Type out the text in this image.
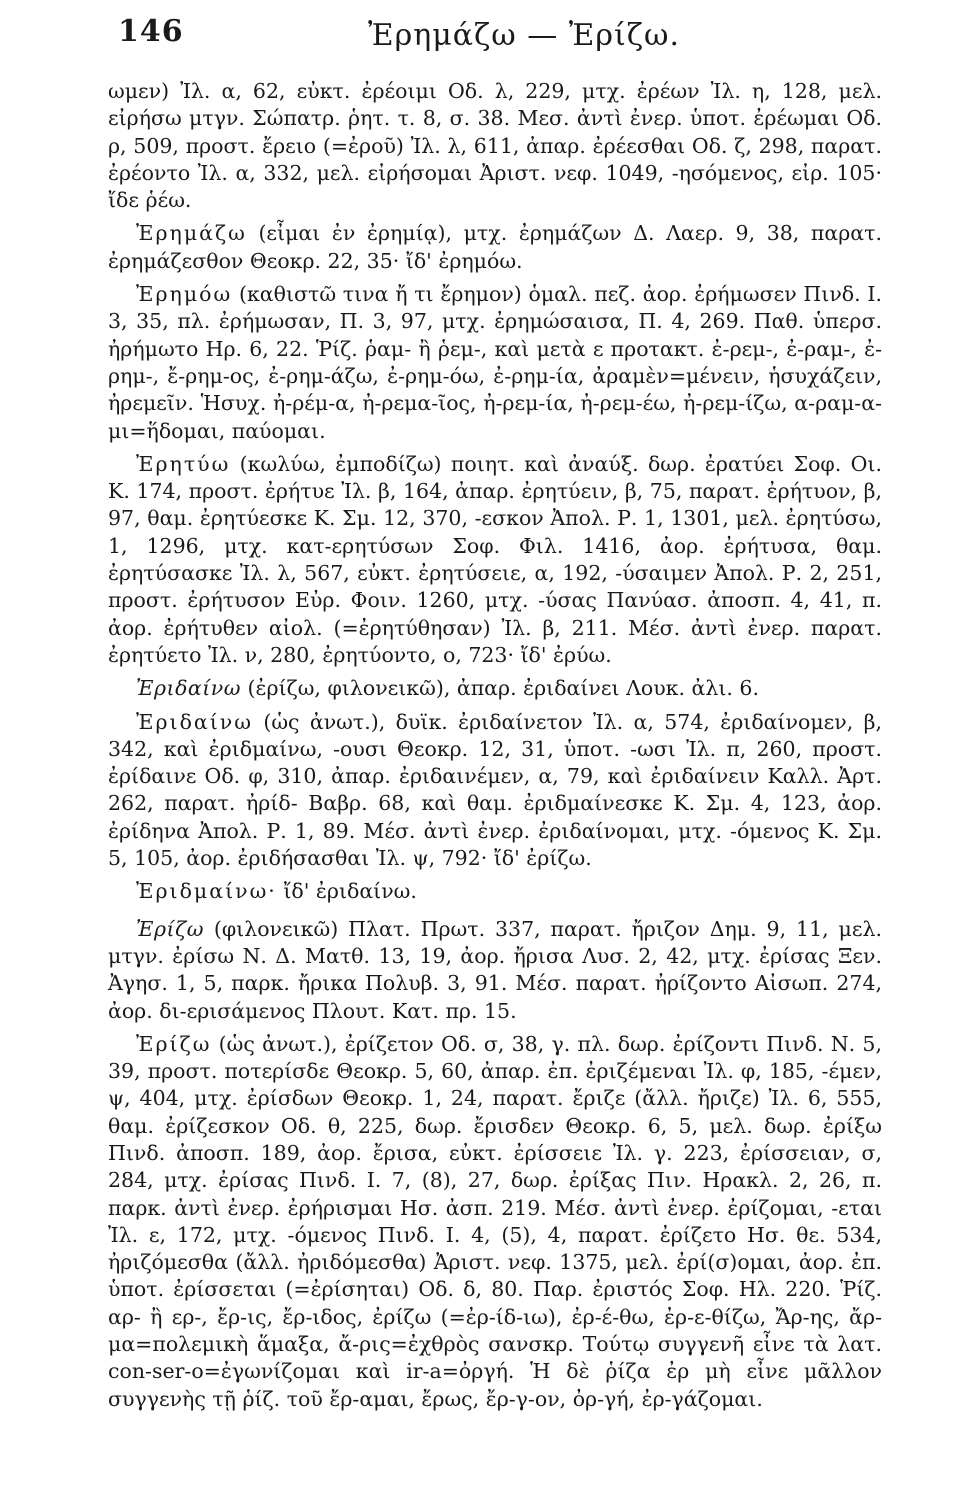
146	Ἐρημάζω — Ἐρίζω.

ωμεν) Ἰλ. α, 62, εὐκτ. ἐρέοιμι Οδ. λ, 229, μτχ. ἐρέων Ἰλ. η, 128, μελ. εἰρήσω μτγν. Σώπατρ. ῥητ. τ. 8, σ. 38. Μεσ. ἀντὶ ἐνερ. ὑποτ. ἐρέωμαι Οδ. ρ, 509, προστ. ἔρειο (=ἐροῦ) Ἰλ. λ, 611, ἀπαρ. ἐρέεσθαι Οδ. ζ, 298, παρατ. ἐρέοντο Ἰλ. α, 332, μελ. εἰρήσομαι Ἀριστ. νεφ. 1049, -ησόμενος, εἰρ. 105· ἴδε ῥέω.

Ἐρημάζω (εἶμαι ἐν ἐρημίᾳ), μτχ. ἐρημάζων Δ. Λαερ. 9, 38, παρατ. ἐρημάζεσθον Θεοκρ. 22, 35· ἴδ' ἐρημόω.

Ἐρημόω (καθιστῶ τινα ἤ τι ἔρημον) ὁμαλ. πεζ. ἀορ. ἐρήμωσεν Πινδ. Ι. 3, 35, πλ. ἐρήμωσαν, Π. 3, 97, μτχ. ἐρημώσαισα, Π. 4, 269. Παθ. ὑπερσ. ἠρήμωτο Ηρ. 6, 22. Ῥίζ. ῥαμ- ἢ ῥεμ-, καὶ μετὰ ε προτακτ. ἐ-ρεμ-, ἐ-ραμ-, ἐ-ρημ-, ἔ-ρημ-ος, ἐ-ρημ-άζω, ἐ-ρημ-όω, ἐ-ρημ-ία, ἀραμὲν=μένειν, ἡσυχάζειν, ἠρεμεῖν. Ἡσυχ. ἠ-ρέμ-α, ἠ-ρεμα-ῖος, ἠ-ρεμ-ία, ἠ-ρεμ-έω, ἠ-ρεμ-ίζω, α-ραμ-α-μι=ἥδομαι, παύομαι.

Ἐρητύω (κωλύω, ἐμποδίζω) ποιητ. καὶ ἀναύξ. δωρ. ἐρατύει Σοφ. Οι. Κ. 174, προστ. ἐρήτυε Ἰλ. β, 164, ἀπαρ. ἐρητύειν, β, 75, παρατ. ἐρήτυον, β, 97, θαμ. ἐρητύεσκε Κ. Σμ. 12, 370, -εσκον Ἀπολ. Ρ. 1, 1301, μελ. ἐρητύσω, 1, 1296, μτχ. κατ-ερητύσων Σοφ. Φιλ. 1416, ἀορ. ἐρήτυσα, θαμ. ἐρητύσασκε Ἰλ. λ, 567, εὐκτ. ἐρητύσειε, α, 192, -ύσαιμεν Ἀπολ. Ρ. 2, 251, προστ. ἐρήτυσον Εὐρ. Φοιν. 1260, μτχ. -ύσας Πανύασ. ἀποσπ. 4, 41, π. ἀορ. ἐρήτυθεν αἰολ. (=ἐρητύθησαν) Ἰλ. β, 211. Μέσ. ἀντὶ ἐνερ. παρατ. ἐρητύετο Ἰλ. ν, 280, ἐρητύοντο, ο, 723· ἴδ' ἐρύω.

Ἐριδαίνω (ἐρίζω, φιλονεικῶ), ἀπαρ. ἐριδαίνει Λουκ. ἀλι. 6.

Ἐριδαίνω (ὡς ἀνωτ.), δυϊκ. ἐριδαίνετον Ἰλ. α, 574, ἐριδαίνομεν, β, 342, καὶ ἐριδμαίνω, -ουσι Θεοκρ. 12, 31, ὑποτ. -ωσι Ἰλ. π, 260, προστ. ἐρίδαινε Οδ. φ, 310, ἀπαρ. ἐριδαινέμεν, α, 79, καὶ ἐριδαίνειν Καλλ. Ἀρτ. 262, παρατ. ἠρίδ- Βαβρ. 68, καὶ θαμ. ἐριδμαίνεσκε Κ. Σμ. 4, 123, ἀορ. ἐρίδηνα Ἀπολ. Ρ. 1, 89. Μέσ. ἀντὶ ἐνερ. ἐριδαίνομαι, μτχ. -όμενος Κ. Σμ. 5, 105, ἀορ. ἐριδήσασθαι Ἰλ. ψ, 792· ἴδ' ἐρίζω.

Ἐριδμαίνω· ἴδ' ἐριδαίνω.

Ἐρίζω (φιλονεικῶ) Πλατ. Πρωτ. 337, παρατ. ἤριζον Δημ. 9, 11, μελ. μτγν. ἐρίσω Ν. Δ. Ματθ. 13, 19, ἀορ. ἤρισα Λυσ. 2, 42, μτχ. ἐρίσας Ξεν. Ἀγησ. 1, 5, παρκ. ἤρικα Πολυβ. 3, 91. Μέσ. παρατ. ἠρίζοντο Αἰσωπ. 274, ἀορ. δι-ερισάμενος Πλουτ. Κατ. πρ. 15.

Ἐρίζω (ὡς ἀνωτ.), ἐρίζετον Οδ. σ, 38, γ. πλ. δωρ. ἐρίζοντι Πινδ. Ν. 5, 39, προστ. ποτερίσδε Θεοκρ. 5, 60, ἀπαρ. ἐπ. ἐριζέμεναι Ἰλ. φ, 185, -έμεν, ψ, 404, μτχ. ἐρίσδων Θεοκρ. 1, 24, παρατ. ἔριζε (ἄλλ. ἤριζε) Ἰλ. 6, 555, θαμ. ἐρίζεσκον Οδ. θ, 225, δωρ. ἔρισδεν Θεοκρ. 6, 5, μελ. δωρ. ἐρίξω Πινδ. ἀποσπ. 189, ἀορ. ἔρισα, εὐκτ. ἐρίσσειε Ἰλ. γ. 223, ἐρίσσειαν, σ, 284, μτχ. ἐρίσας Πινδ. Ι. 7, (8), 27, δωρ. ἐρίξας Πιν. Ηρακλ. 2, 26, π. παρκ. ἀντὶ ἐνερ. ἐρήρισμαι Ησ. ἀσπ. 219. Μέσ. ἀντὶ ἐνερ. ἐρίζομαι, -εται Ἰλ. ε, 172, μτχ. -όμενος Πινδ. Ι. 4, (5), 4, παρατ. ἐρίζετο Ησ. θε. 534, ἠριζόμεσθα (ἄλλ. ἠριδόμεσθα) Ἀριστ. νεφ. 1375, μελ. ἐρί(σ)ομαι, ἀορ. ἐπ. ὑποτ. ἐρίσσεται (=ἐρίσηται) Οδ. δ, 80. Παρ. ἐριστός Σοφ. Ηλ. 220. Ῥίζ. αρ- ἢ ερ-, ἔρ-ις, ἔρ-ιδος, ἐρίζω (=ἐρ-ίδ-ιω), ἐρ-έ-θω, ἐρ-ε-θίζω, Ἄρ-ης, ἄρ-μα=πολεμικὴ ἅμαξα, ἄ-ρις=ἐχθρὸς σανσκρ. Τούτῳ συγγενῆ εἶνε τὰ λατ. con-ser-o=ἐγωνίζομαι καὶ ir-a=ὀργή. Ἡ δὲ ῥίζα ἐρ μὴ εἶνε μᾶλλον συγγενὴς τῇ ῥίζ. τοῦ ἔρ-αμαι, ἔρως, ἔρ-γ-ον, ὀρ-γή, ἐρ-γάζομαι.
